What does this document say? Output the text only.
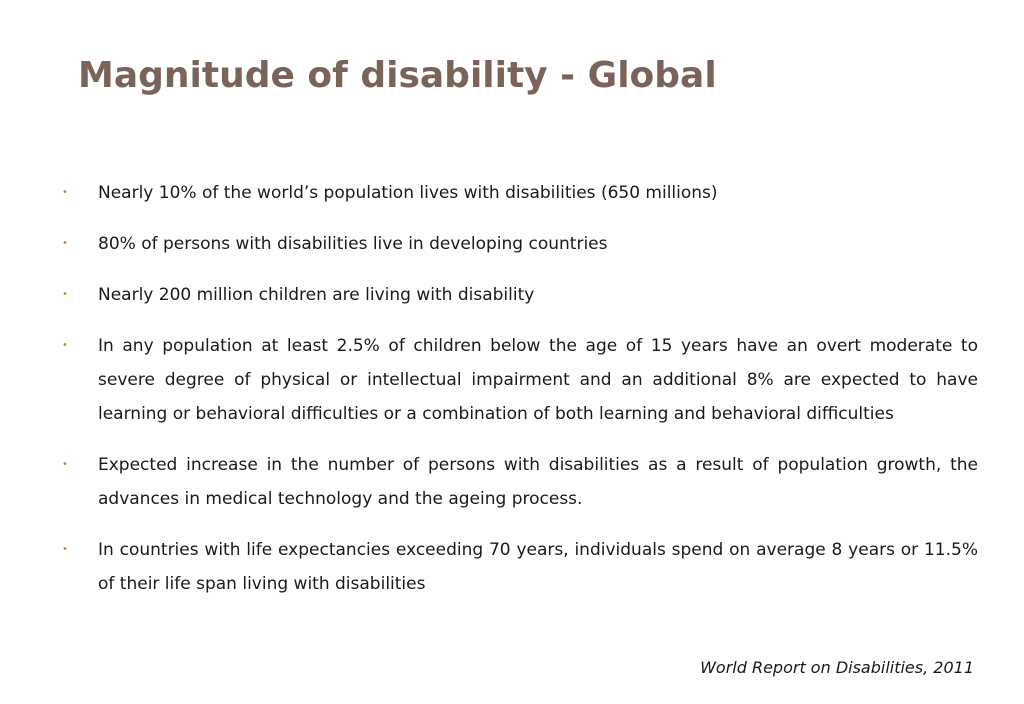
Magnitude of disability - Global
•	Nearly 10% of the world’s population lives with disabilities (650 millions)
•	80% of persons with disabilities live in developing countries
•	Nearly 200 million children are living with disability
•	In any population at least 2.5% of children below the age of 15 years have an overt moderate to severe degree of physical or intellectual impairment and an additional 8% are expected to have learning or behavioral difficulties or a combination of both learning and behavioral difficulties
•	Expected increase in the number of persons with disabilities as a result of population growth, the advances in medical technology and the ageing process.
•	In countries with life expectancies exceeding 70 years, individuals spend on average 8 years or 11.5% of their life span living with disabilities
World Report on Disabilities, 2011
